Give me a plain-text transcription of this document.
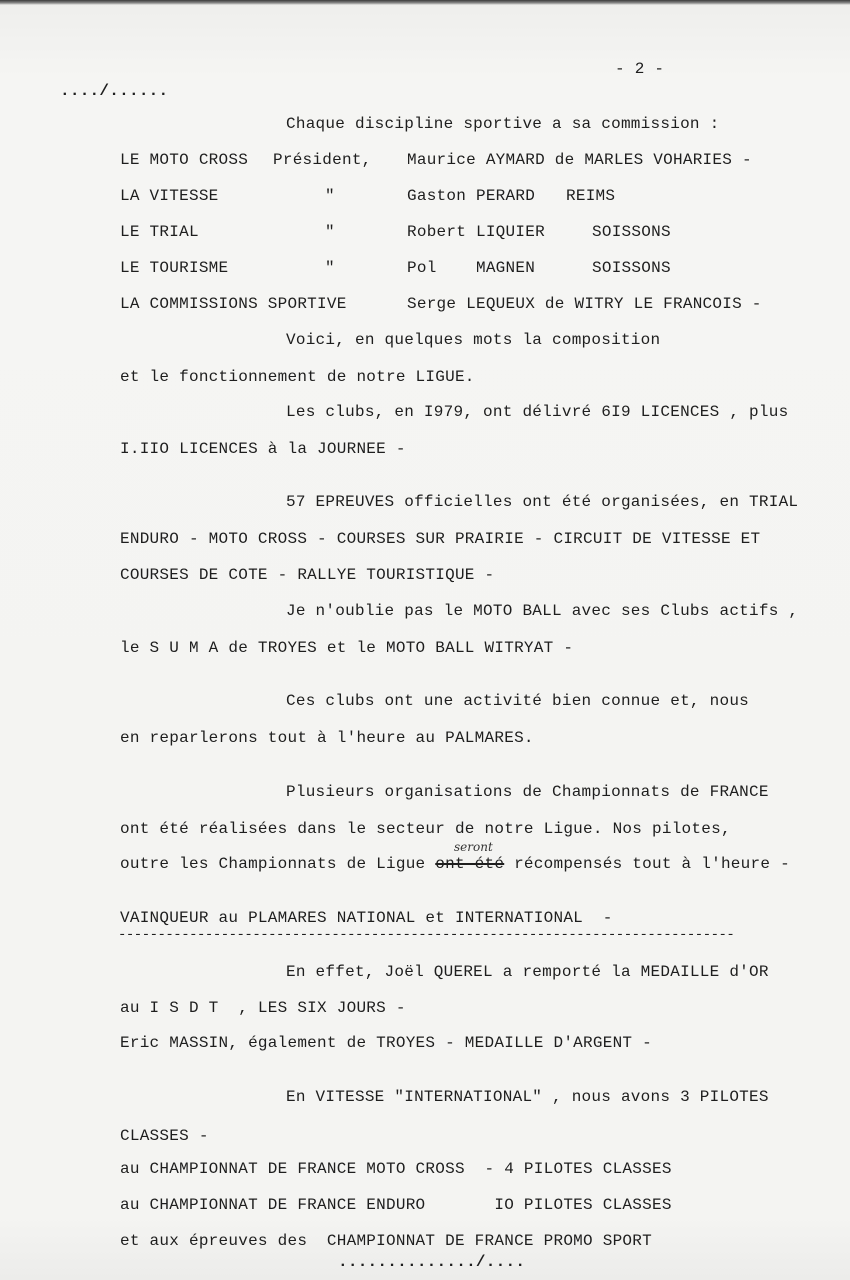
..../......
- 2 -
Chaque discipline sportive a sa commission :
LE MOTO CROSS Président, Maurice AYMARD de MARLES VOHARIES -
LA VITESSE	"	Gaston PERARD REIMS
LE TRIAL	"	Robert LIQUIER	SOISSONS
LE TOURISME	"	Pol    MAGNEN	SOISSONS
LA COMMISSIONS SPORTIVE	Serge LEQUEUX de WITRY LE FRANCOIS -
Voici, en quelques mots la composition
et le fonctionnement de notre LIGUE.
Les clubs, en I979, ont délivré 6I9 LICENCES , plus
I.IIO LICENCES à la JOURNEE -
57 EPREUVES officielles ont été organisées, en TRIAL
ENDURO - MOTO CROSS - COURSES SUR PRAIRIE - CIRCUIT DE VITESSE ET
COURSES DE COTE - RALLYE TOURISTIQUE -
Je n'oublie pas le MOTO BALL avec ses Clubs actifs ,
le S U M A de TROYES et le MOTO BALL WITRYAT -
Ces clubs ont une activité bien connue et, nous
en reparlerons tout à l'heure au PALMARES.
Plusieurs organisations de Championnats de FRANCE
ont été réalisées dans le secteur de notre Ligue. Nos pilotes,
seront
outre les Championnats de Ligue ont été récompensés tout à l'heure -
VAINQUEUR au PLAMARES NATIONAL et INTERNATIONAL  -
------------------------------------------------------------------------------
En effet, Joël QUEREL a remporté la MEDAILLE d'OR
au I S D T  , LES SIX JOURS -
Eric MASSIN, également de TROYES - MEDAILLE D'ARGENT -
En VITESSE "INTERNATIONAL" , nous avons 3 PILOTES
CLASSES -
au CHAMPIONNAT DE FRANCE MOTO CROSS  - 4 PILOTES CLASSES
au CHAMPIONNAT DE FRANCE ENDURO       IO PILOTES CLASSES
et aux épreuves des  CHAMPIONNAT DE FRANCE PROMO SPORT
............../....
